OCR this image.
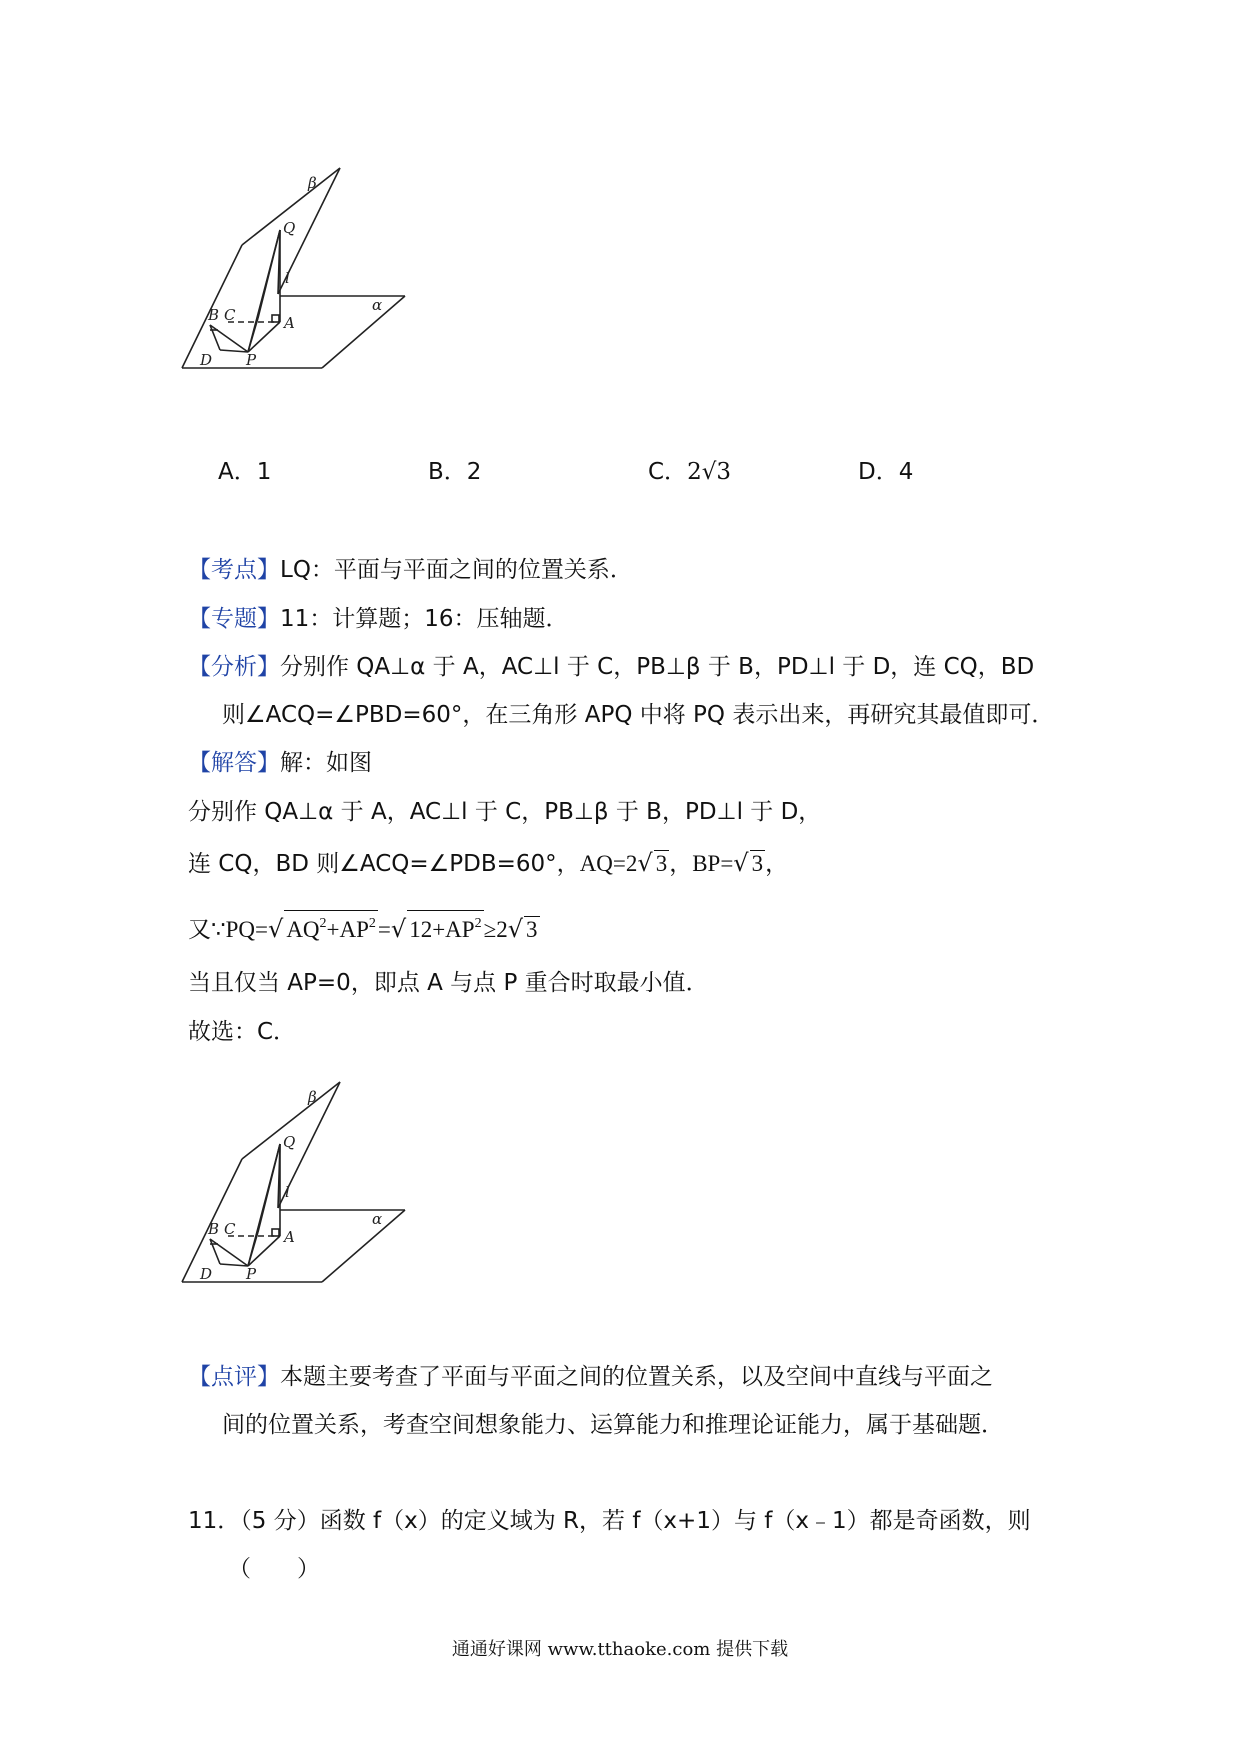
β
Q
l
α
B C	A
D P
A．1	B．2	C．2√3	D．4
【考点】LQ：平面与平面之间的位置关系．
【专题】11：计算题；16：压轴题．
【分析】分别作 QA⊥α 于 A，AC⊥l 于 C，PB⊥β 于 B，PD⊥l 于 D，连 CQ，BD
则∠ACQ=∠PBD=60°，在三角形 APQ 中将 PQ 表示出来，再研究其最值即可．
【解答】解：如图
分别作 QA⊥α 于 A，AC⊥l 于 C，PB⊥β 于 B，PD⊥l 于 D，
连 CQ，BD 则∠ACQ=∠PDB=60°，AQ=2√ 3，BP=√ 3，
又∵PQ=√ $AQ^2+AP^2=√$ $12+AP^2\ge 2√$ 3
当且仅当 AP=0，即点 A 与点 P 重合时取最小值．
故选：C．
β
Q
l
α
B C	A
D P
【点评】本题主要考查了平面与平面之间的位置关系，以及空间中直线与平面之
间的位置关系，考查空间想象能力、运算能力和推理论证能力，属于基础题．
11．（5 分）函数 f（x）的定义域为 R，若 f（x+1）与 f（x﹣1）都是奇函数，则
（　　）
通通好课网 www.tthaoke.com 提供下载
